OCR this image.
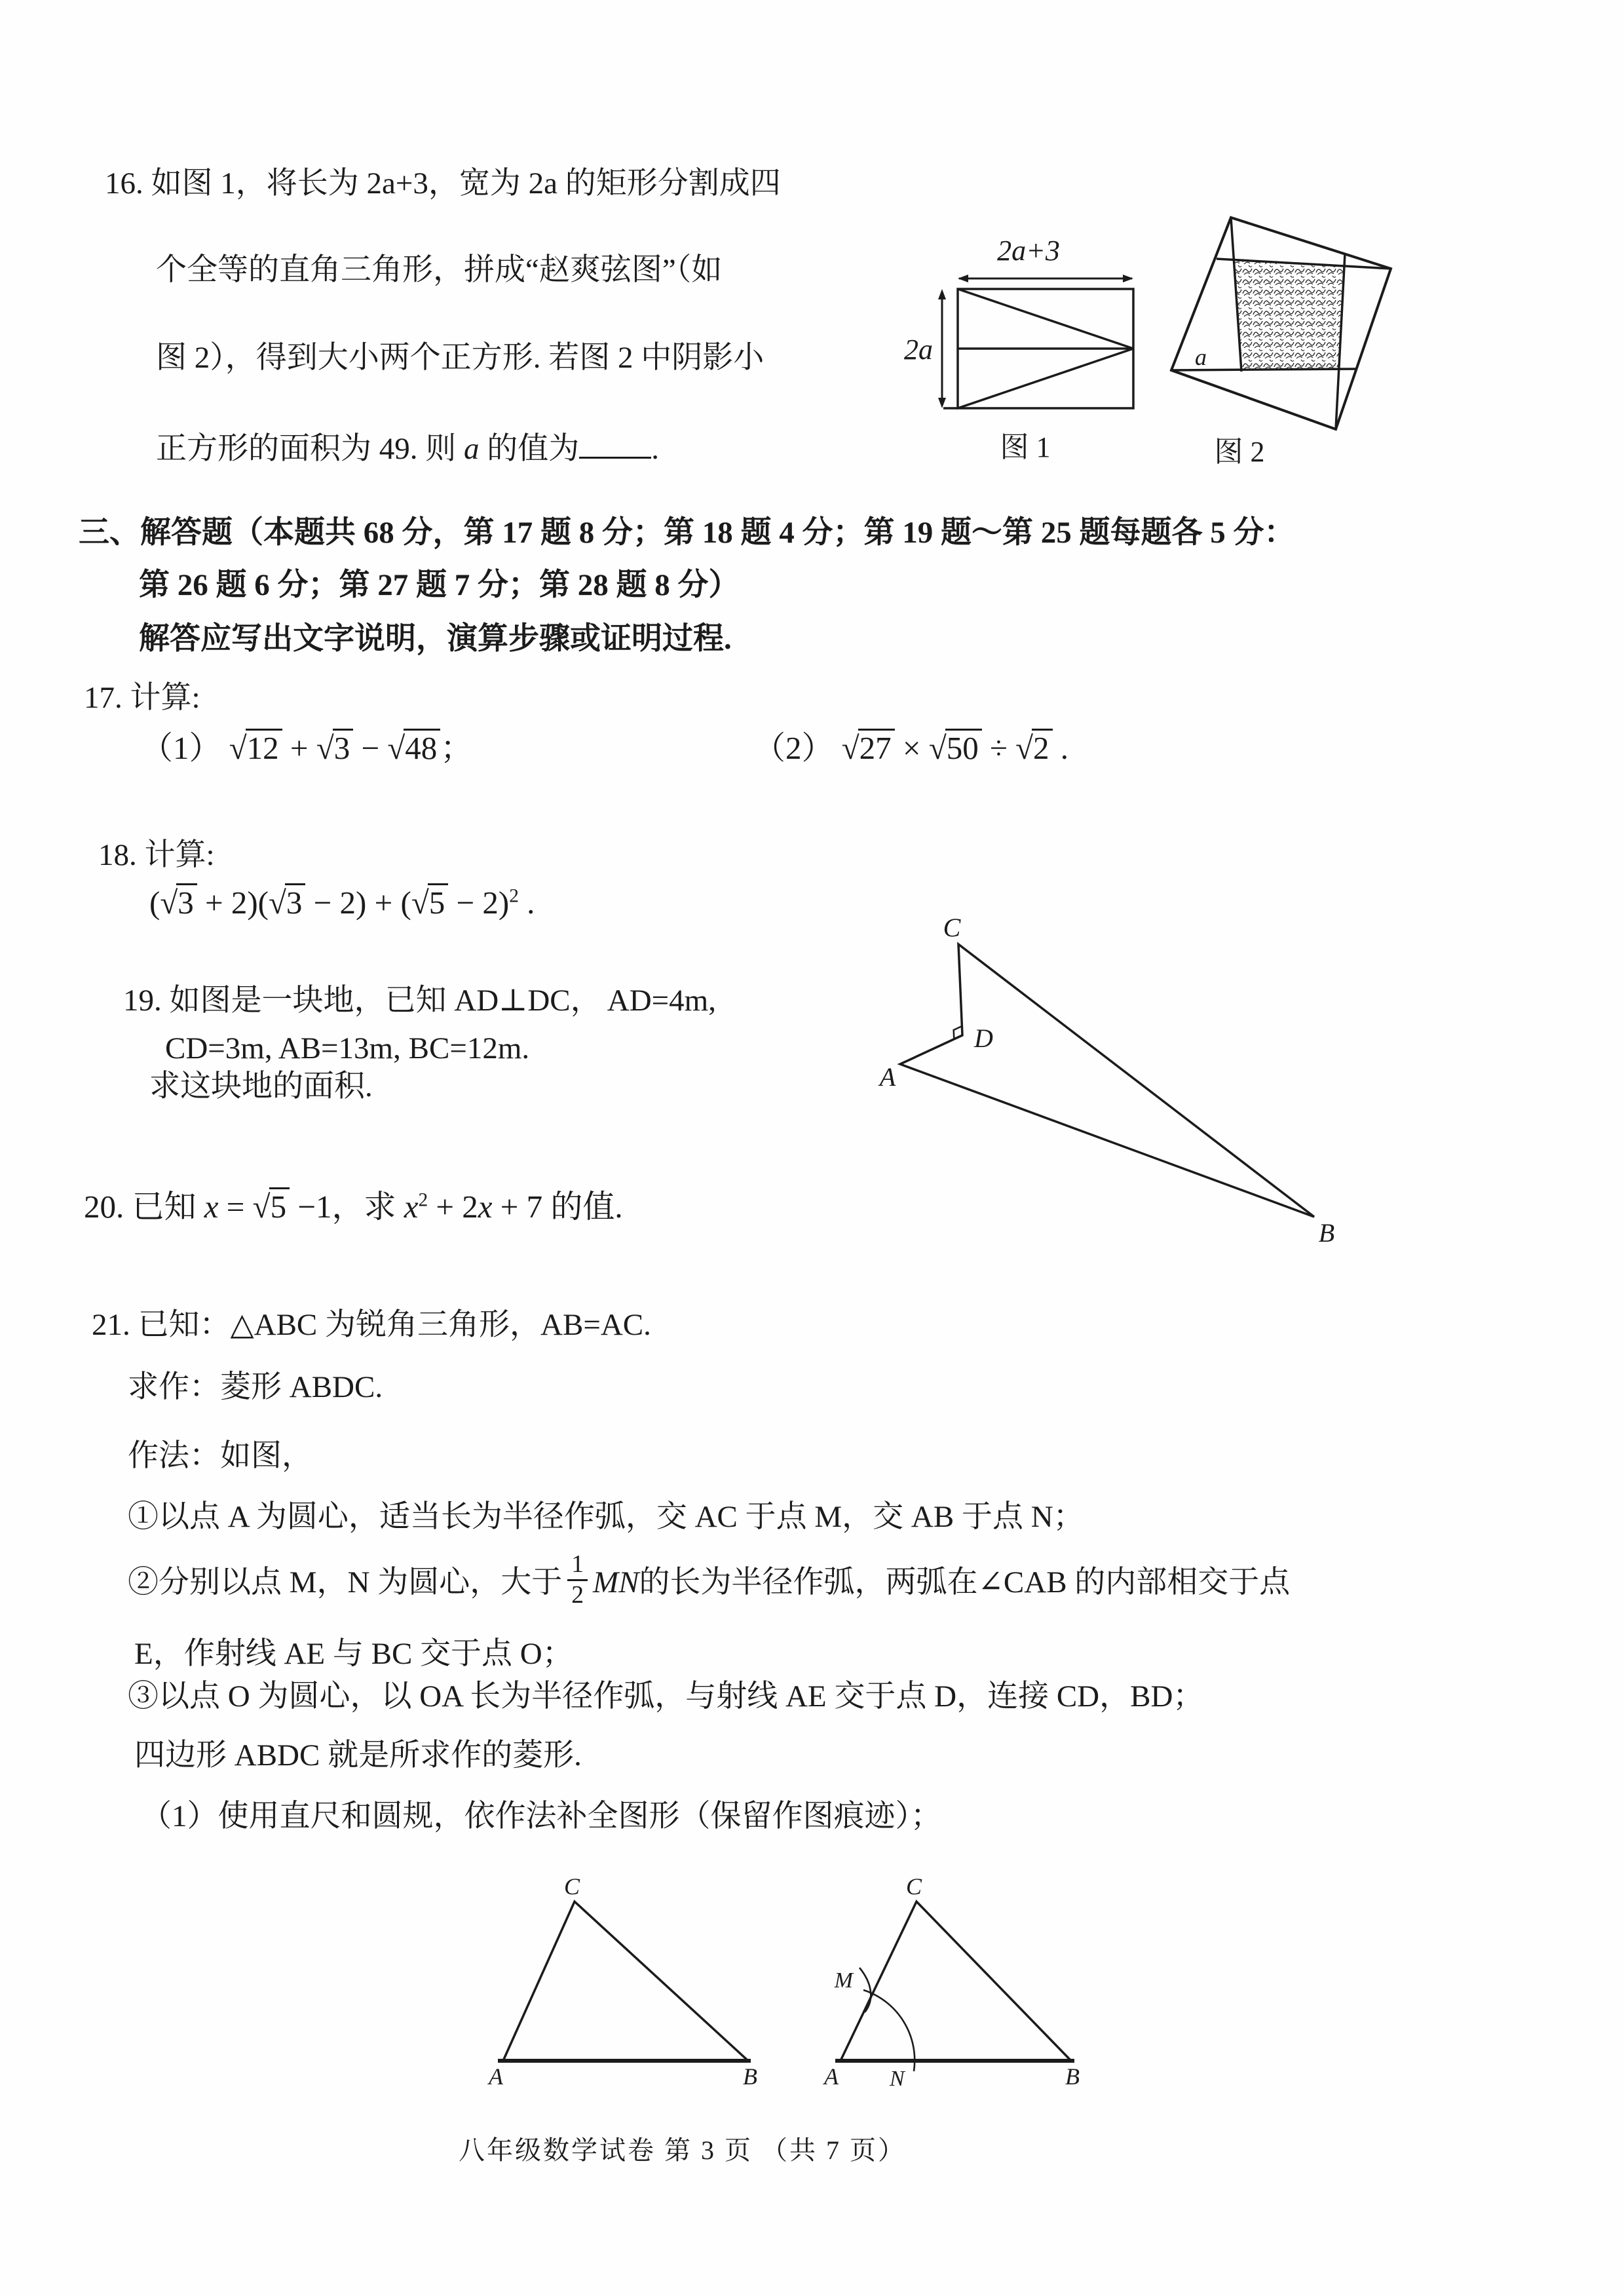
16. 如图 1，将长为 2a+3，宽为 2a 的矩形分割成四
个全等的直角三角形，拼成“赵爽弦图”（如
图 2），得到大小两个正方形. 若图 2 中阴影小
正方形的面积为 49. 则 a 的值为 .
2a+3
2a
图 1
a
图 2
三、解答题（本题共 68 分，第 17 题 8 分；第 18 题 4 分；第 19 题～第 25 题每题各 5 分：
第 26 题 6 分；第 27 题 7 分；第 28 题 8 分）
解答应写出文字说明，演算步骤或证明过程.
17. 计算:
（1） √12 + √3 − √48 ；	（2） √27 × √50 ÷ √2 .
18. 计算:
$(√3 + 2)(√3 - 2) + (√5 - 2)^2$ .
19. 如图是一块地，已知 AD⊥DC， AD=4m,
CD=3m, AB=13m, BC=12m.
求这块地的面积.
C
D
A
B
20. 已知 x = √5 −1，求 $x^2 + 2x + 7$ 的值.
21. 已知：△ABC 为锐角三角形，AB=AC.
求作：菱形 ABDC.
作法：如图，
①以点 A 为圆心，适当长为半径作弧，交 AC 于点 M，交 AB 于点 N；
②分别以点 M，N 为圆心，大于
1
2 MN 的长为半径作弧，两弧在∠CAB 的内部相交于点
E，作射线 AE 与 BC 交于点 O；
③以点 O 为圆心，以 OA 长为半径作弧，与射线 AE 交于点 D，连接 CD，BD；
四边形 ABDC 就是所求作的菱形.
（1）使用直尺和圆规，依作法补全图形（保留作图痕迹）；
A	B
C
A	B
C
M
N
八年级数学试卷 第 3 页 （共 7 页）
